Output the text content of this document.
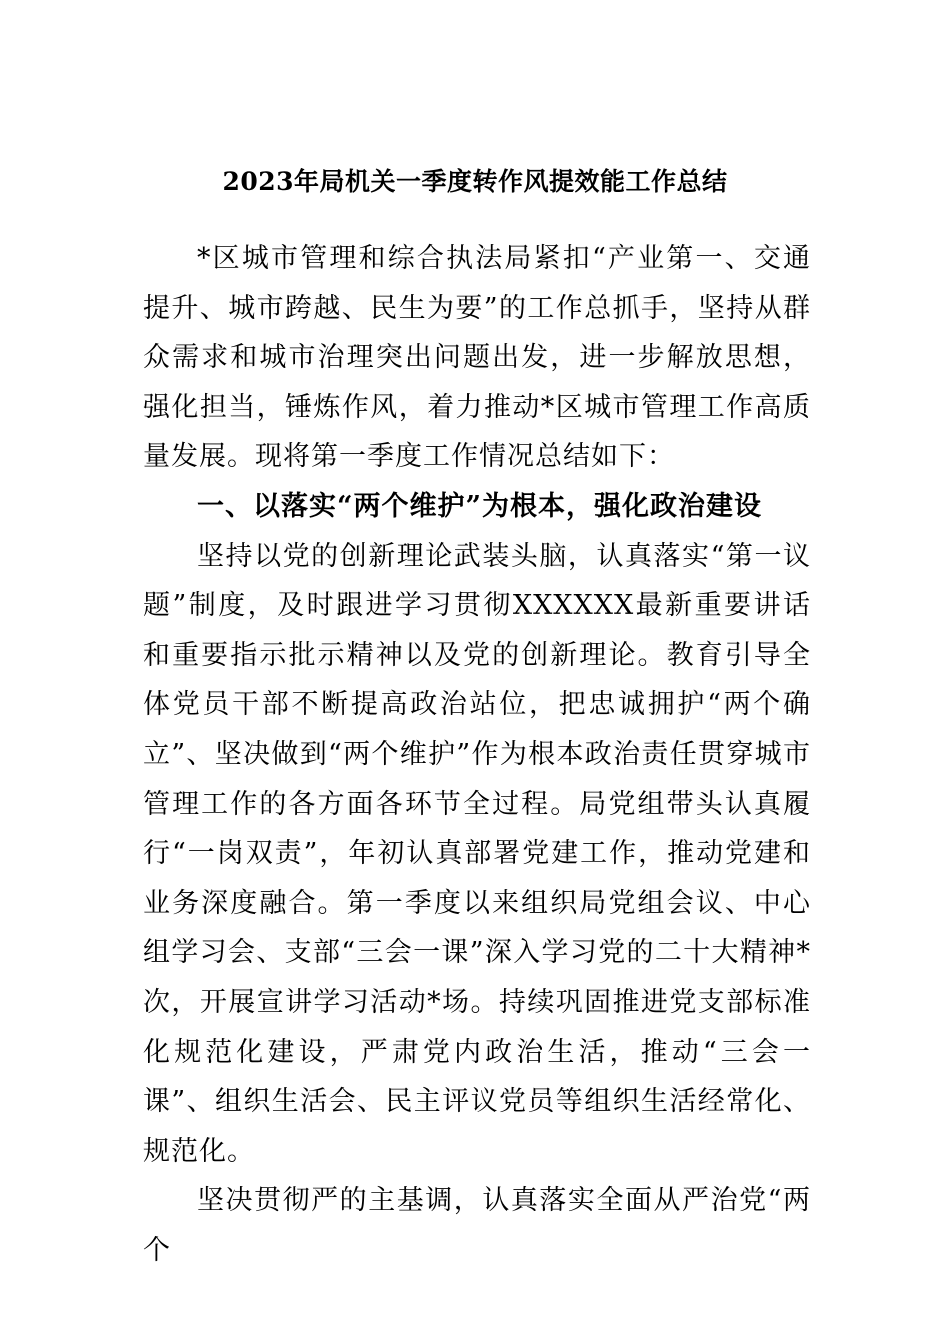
2023年局机关一季度转作风提效能工作总结

*区城市管理和综合执法局紧扣“产业第一、交通提升、城市跨越、民生为要”的工作总抓手，坚持从群众需求和城市治理突出问题出发，进一步解放思想，强化担当，锤炼作风，着力推动*区城市管理工作高质量发展。现将第一季度工作情况总结如下：

一、以落实“两个维护”为根本，强化政治建设

坚持以党的创新理论武装头脑，认真落实“第一议题”制度，及时跟进学习贯彻XXXXXX最新重要讲话和重要指示批示精神以及党的创新理论。教育引导全体党员干部不断提高政治站位，把忠诚拥护“两个确立”、坚决做到“两个维护”作为根本政治责任贯穿城市管理工作的各方面各环节全过程。局党组带头认真履行“一岗双责”，年初认真部署党建工作，推动党建和业务深度融合。第一季度以来组织局党组会议、中心组学习会、支部“三会一课”深入学习党的二十大精神*次，开展宣讲学习活动*场。持续巩固推进党支部标准化规范化建设，严肃党内政治生活，推动“三会一课”、组织生活会、民主评议党员等组织生活经常化、规范化。

坚决贯彻严的主基调，认真落实全面从严治党“两个
